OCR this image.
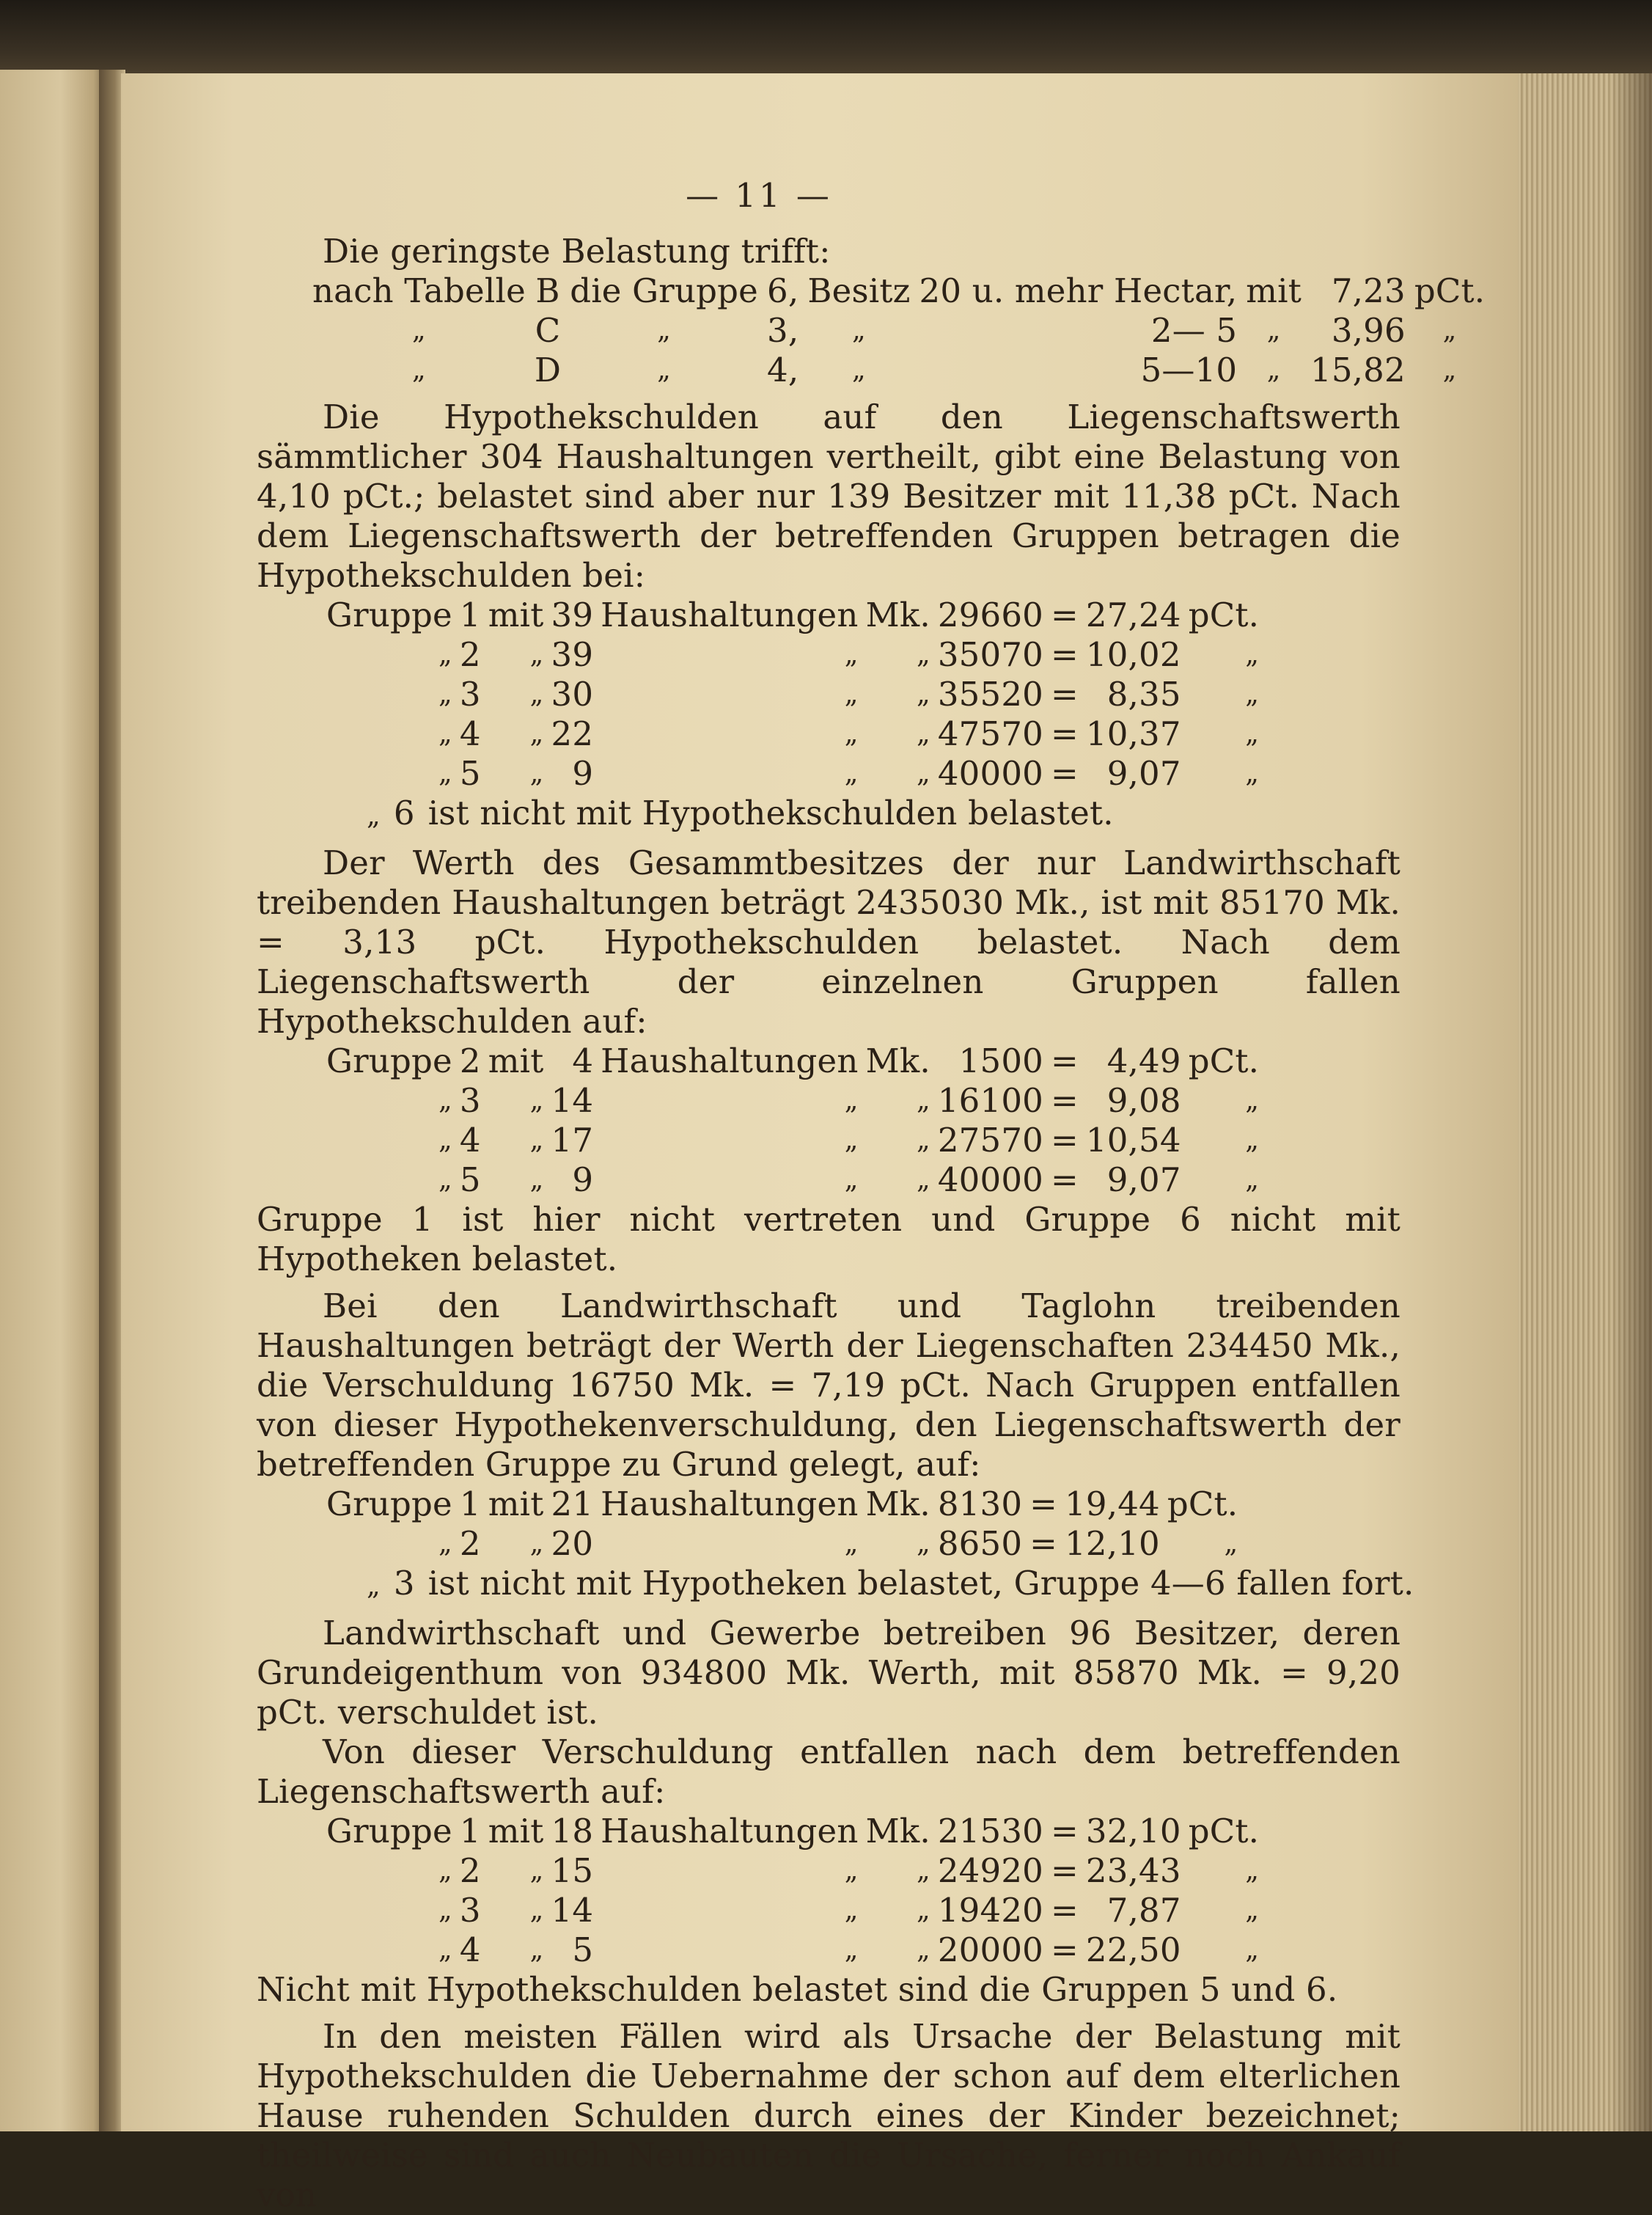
— 11 —

Die geringste Belastung trifft:

nach Tabelle	B	die Gruppe	6,	Besitz	20 u. mehr Hectar,	mit	7,23	pCt.
„	C	„	3,	„	2— 5	„	3,96	„
„	D	„	4,	„	5—10	„	15,82	„

Die Hypothekschulden auf den Liegenschaftswerth sämmtlicher 304 Haushaltungen vertheilt, gibt eine Belastung von 4,10 pCt.; belastet sind aber nur 139 Besitzer mit 11,38 pCt. Nach dem Liegenschaftswerth der betreffenden Gruppen betragen die Hypothekschulden bei:

Gruppe	1	mit	39	Haushaltungen	Mk.	29660	=	27,24	pCt.
„	2	„	39	„	„	35070	=	10,02	„
„	3	„	30	„	„	35520	=	8,35	„
„	4	„	22	„	„	47570	=	10,37	„
„	5	„	9	„	„	40000	=	9,07	„
„ 6 ist nicht mit Hypothekschulden belastet.

Der Werth des Gesammtbesitzes der nur Landwirthschaft treibenden Haushaltungen beträgt 2435030 Mk., ist mit 85170 Mk. = 3,13 pCt. Hypothekschulden belastet. Nach dem Liegenschaftswerth der einzelnen Gruppen fallen Hypothekschulden auf:

Gruppe	2	mit	4	Haushaltungen	Mk.	1500	=	4,49	pCt.
„	3	„	14	„	„	16100	=	9,08	„
„	4	„	17	„	„	27570	=	10,54	„
„	5	„	9	„	„	40000	=	9,07	„

Gruppe 1 ist hier nicht vertreten und Gruppe 6 nicht mit Hypotheken belastet.

Bei den Landwirthschaft und Taglohn treibenden Haushaltungen beträgt der Werth der Liegenschaften 234450 Mk., die Verschuldung 16750 Mk. = 7,19 pCt. Nach Gruppen entfallen von dieser Hypothekenverschuldung, den Liegenschaftswerth der betreffenden Gruppe zu Grund gelegt, auf:

Gruppe	1	mit	21	Haushaltungen	Mk.	8130	=	19,44	pCt.
„	2	„	20	„	„	8650	=	12,10	„
„ 3 ist nicht mit Hypotheken belastet, Gruppe 4—6 fallen fort.

Landwirthschaft und Gewerbe betreiben 96 Besitzer, deren Grundeigenthum von 934800 Mk. Werth, mit 85870 Mk. = 9,20 pCt. verschuldet ist.

Von dieser Verschuldung entfallen nach dem betreffenden Liegenschaftswerth auf:

Gruppe	1	mit	18	Haushaltungen	Mk.	21530	=	32,10	pCt.
„	2	„	15	„	„	24920	=	23,43	„
„	3	„	14	„	„	19420	=	7,87	„
„	4	„	5	„	„	20000	=	22,50	„

Nicht mit Hypothekschulden belastet sind die Gruppen 5 und 6.

In den meisten Fällen wird als Ursache der Belastung mit Hypothekschulden die Uebernahme der schon auf dem elterlichen Hause ruhenden Schulden durch eines der Kinder bezeichnet; theilweise sind auch Neubauten die Ursache, ferner noch Ankauf von
